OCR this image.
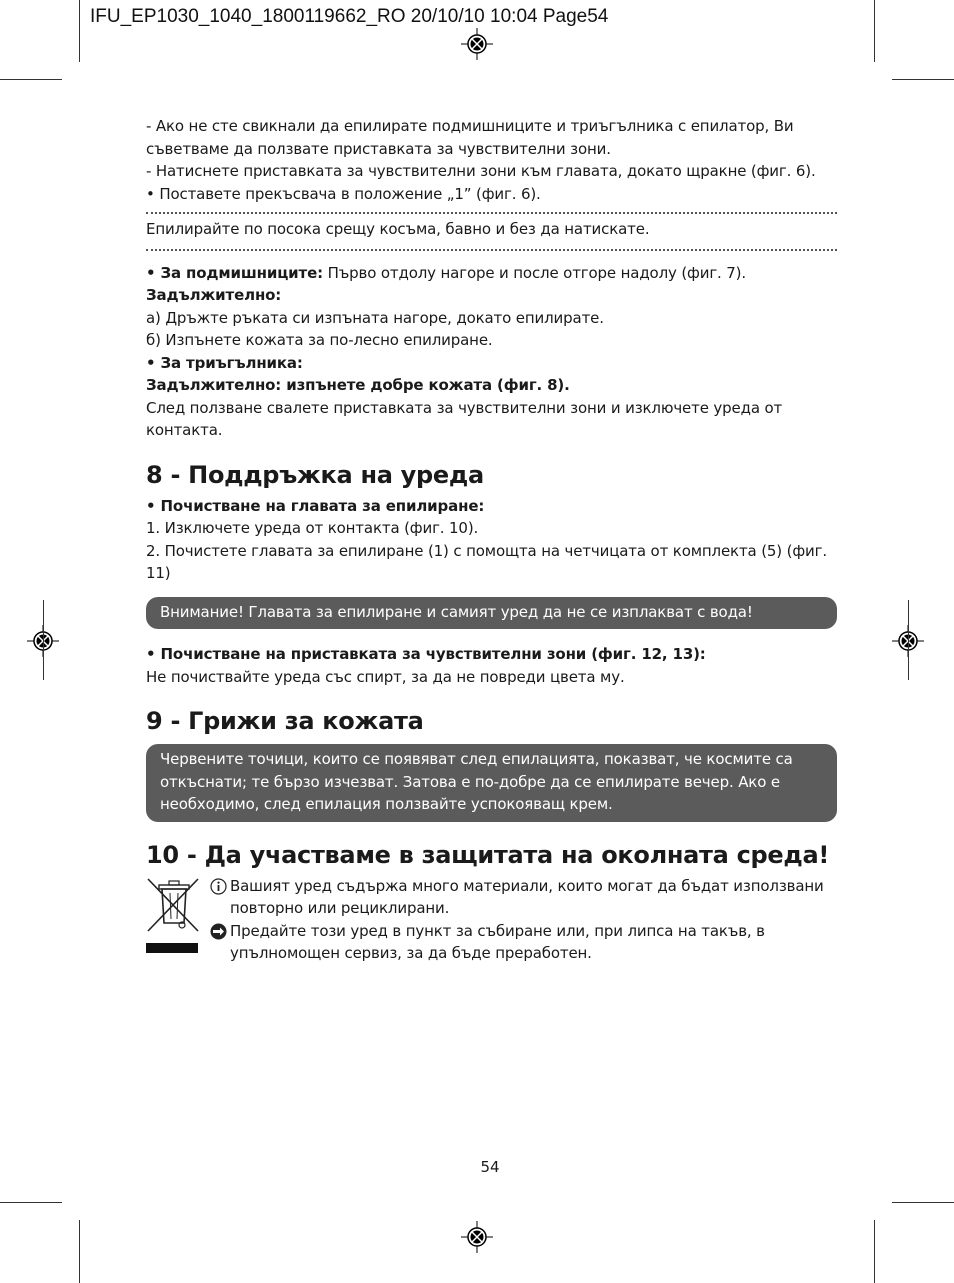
IFU_EP1030_1040_1800119662_RO 20/10/10 10:04 Page54

- Ако не сте свикнали да епилирате подмишниците и триъгълника с епилатор, Ви съветваме да ползвате приставката за чувствителни зони.

- Натиснете приставката за чувствителни зони към главата, докато щракне (фиг. 6).

• Поставете прекъсвача в положение „1” (фиг. 6).

Епилирайте по посока срещу косъма, бавно и без да натискате.

• За подмишниците: Първо отдолу нагоре и после отгоре надолу (фиг. 7).

Задължително:

а) Дръжте ръката си изпъната нагоре, докато епилирате.

б) Изпънете кожата за по-лесно епилиране.

• За триъгълника:

Задължително: изпънете добре кожата (фиг. 8).

След ползване свалете приставката за чувствителни зони и изключете уреда от контакта.

8 - Поддръжка на уреда

• Почистване на главата за епилиране:

1. Изключете уреда от контакта (фиг. 10).

2. Почистете главата за епилиране (1) с помощта на четчицата от комплекта (5) (фиг. 11)

Внимание! Главата за епилиране и самият уред да не се изплакват с вода!

• Почистване на приставката за чувствителни зони (фиг. 12, 13):

Не почиствайте уреда със спирт, за да не повреди цвета му.

9 - Грижи за кожата
Червените точици, които се появяват след епилацията, показват, че космите са откъснати; те бързо изчезват. Затова е по-добре да се епилирате вечер. Ако е необходимо, след епилация ползвайте успокояващ крем.
10 - Да участваме в защитата на околната среда!
Вашият уред съдържа много материали, които могат да бъдат използвани повторно или рециклирани.
Предайте този уред в пункт за събиране или, при липса на такъв, в упълномощен сервиз, за да бъде преработен.
54
